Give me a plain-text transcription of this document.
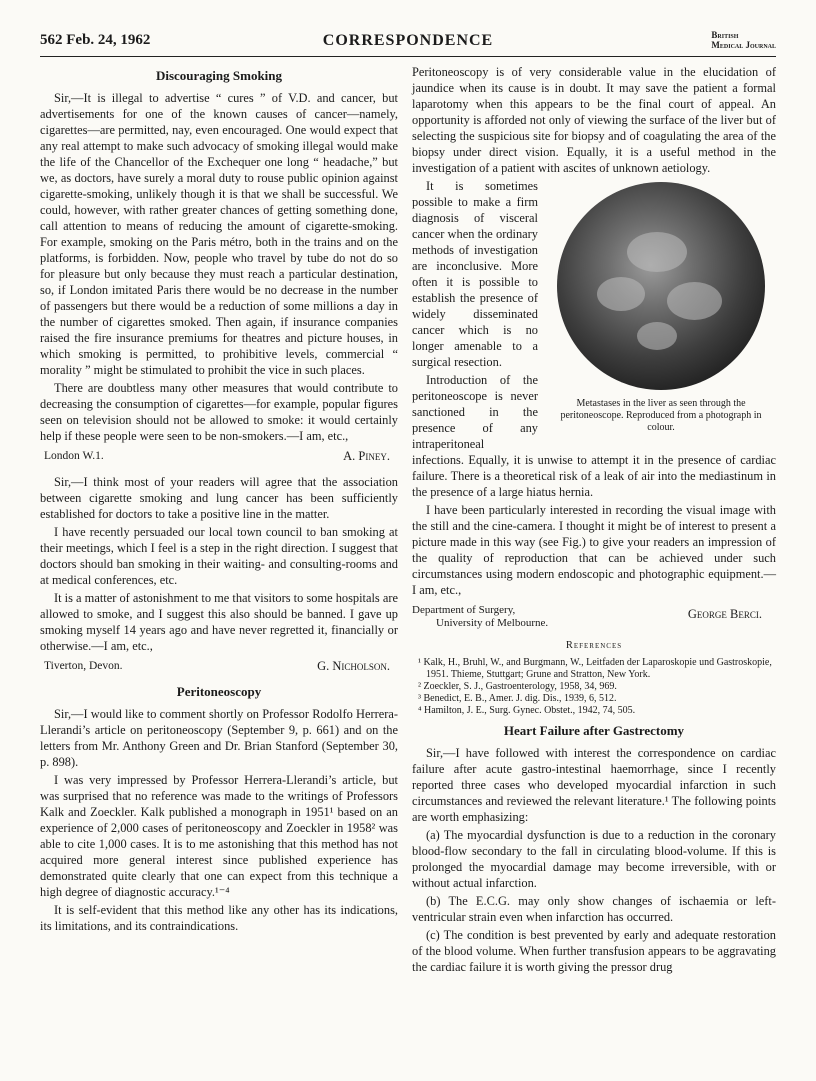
562 Feb. 24, 1962	CORRESPONDENCE	British
Medical Journal
Discouraging Smoking

Sir,—It is illegal to advertise “ cures ” of V.D. and cancer, but advertisements for one of the known causes of cancer—namely, cigarettes—are permitted, nay, even encouraged. One would expect that any real attempt to make such advocacy of smoking illegal would make the life of the Chancellor of the Exchequer one long “ headache,” but we, as doctors, have surely a moral duty to rouse public opinion against cigarette-smoking, unlikely though it is that we shall be successful. We could, however, with rather greater chances of getting something done, call attention to means of reducing the amount of cigarette-smoking. For example, smoking on the Paris métro, both in the trains and on the platforms, is forbidden. Now, people who travel by tube do not do so for pleasure but only because they must reach a particular destination, so, if London imitated Paris there would be no decrease in the number of passengers but there would be a reduction of some millions a day in the number of cigarettes smoked. Then again, if insurance companies raised the fire insurance premiums for theatres and picture houses, in which smoking is permitted, to prohibitive levels, commercial “ morality ” might be stimulated to prohibit the vice in such places.

There are doubtless many other measures that would contribute to decreasing the consumption of cigarettes—for example, popular figures seen on television should not be allowed to smoke: it would certainly help if these people were seen to be non-smokers.—I am, etc.,

London W.1.	A. Piney.

Sir,—I think most of your readers will agree that the association between cigarette smoking and lung cancer has been sufficiently established for doctors to take a positive line in the matter.

I have recently persuaded our local town council to ban smoking at their meetings, which I feel is a step in the right direction. I suggest that doctors should ban smoking in their waiting- and consulting-rooms and at medical conferences, etc.

It is a matter of astonishment to me that visitors to some hospitals are allowed to smoke, and I suggest this also should be banned. I gave up smoking myself 14 years ago and have never regretted it, financially or otherwise.—I am, etc.,

Tiverton, Devon.	G. Nicholson.
Peritoneoscopy

Sir,—I would like to comment shortly on Professor Rodolfo Herrera-Llerandi’s article on peritoneoscopy (September 9, p. 661) and on the letters from Mr. Anthony Green and Dr. Brian Stanford (September 30, p. 898).

I was very impressed by Professor Herrera-Llerandi’s article, but was surprised that no reference was made to the writings of Professors Kalk and Zoeckler. Kalk published a monograph in 1951¹ based on an experience of 2,000 cases of peritoneoscopy and Zoeckler in 1958² was able to cite 1,000 cases. It is to me astonishing that this method has not acquired more general interest since published experience has demonstrated quite clearly that one can expect from this technique a high degree of diagnostic accuracy.¹⁻⁴

It is self-evident that this method like any other has its indications, its limitations, and its contraindications.

Peritoneoscopy is of very considerable value in the elucidation of jaundice when its cause is in doubt. It may save the patient a formal laparotomy when this appears to be the final court of appeal. An opportunity is afforded not only of viewing the surface of the liver but of selecting the suspicious site for biopsy and of coagulating the area of the biopsy under direct vision. Equally, it is a useful method in the investigation of a patient with ascites of unknown aetiology.

Metastases in the liver as seen through the peritoneoscope. Reproduced from a photograph in colour.

It is sometimes possible to make a firm diagnosis of visceral cancer when the ordinary methods of investigation are inconclusive. More often it is possible to establish the presence of widely disseminated cancer which is no longer amenable to a surgical resection.

Introduction of the peritoneoscope is never sanctioned in the presence of any intraperitoneal infections. Equally, it is unwise to attempt it in the presence of cardiac failure. There is a theoretical risk of a leak of air into the mediastinum in the presence of a large hiatus hernia.

I have been particularly interested in recording the visual image with the still and the cine-camera. I thought it might be of interest to present a picture made in this way (see Fig.) to give your readers an impression of the quality of reproduction that can be achieved under such circumstances using modern endoscopic and photographic equipment.—I am, etc.,

Department of Surgery,
University of Melbourne.
George Berci.
References
¹ Kalk, H., Bruhl, W., and Burgmann, W., Leitfaden der Laparoskopie und Gastroskopie, 1951. Thieme, Stuttgart; Grune and Stratton, New York.
² Zoeckler, S. J., Gastroenterology, 1958, 34, 969.
³ Benedict, E. B., Amer. J. dig. Dis., 1939, 6, 512.
⁴ Hamilton, J. E., Surg. Gynec. Obstet., 1942, 74, 505.
Heart Failure after Gastrectomy

Sir,—I have followed with interest the correspondence on cardiac failure after acute gastro-intestinal haemorrhage, since I recently reported three cases who developed myocardial infarction in such circumstances and reviewed the relevant literature.¹ The following points are worth emphasizing:

(a) The myocardial dysfunction is due to a reduction in the coronary blood-flow secondary to the fall in circulating blood-volume. If this is prolonged the myocardial damage may become irreversible, with or without actual infarction.

(b) The E.C.G. may only show changes of ischaemia or left-ventricular strain even when infarction has occurred.

(c) The condition is best prevented by early and adequate restoration of the blood volume. When further transfusion appears to be aggravating the cardiac failure it is worth giving the pressor drug
